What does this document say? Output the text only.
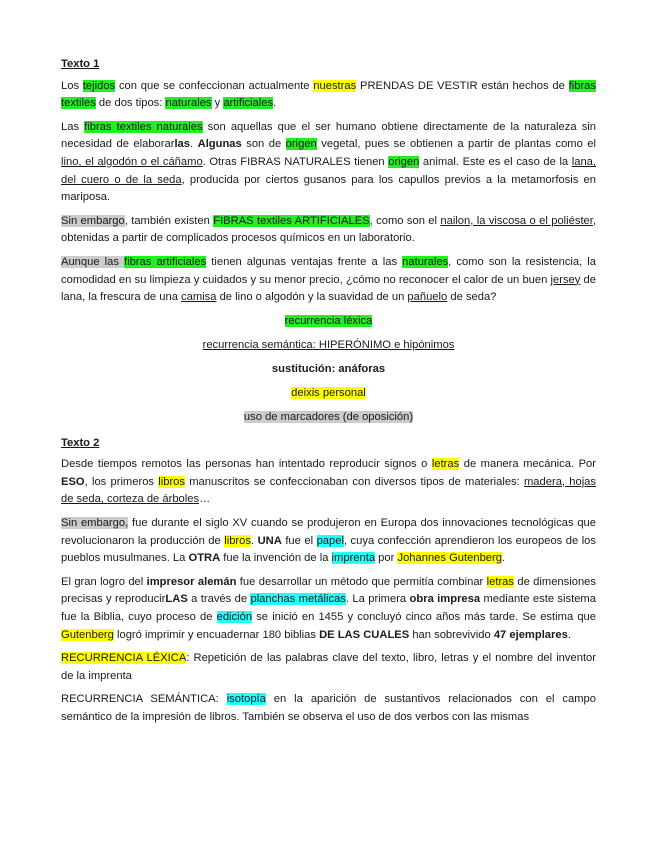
Texto 1

Los tejidos con que se confeccionan actualmente nuestras PRENDAS DE VESTIR están hechos de fibras textiles de dos tipos: naturales y artificiales.

Las fibras textiles naturales son aquellas que el ser humano obtiene directamente de la naturaleza sin necesidad de elaborarlas. Algunas son de origen vegetal, pues se obtienen a partir de plantas como el lino, el algodón o el cáñamo. Otras FIBRAS NATURALES tienen origen animal. Este es el caso de la lana, del cuero o de la seda, producida por ciertos gusanos para los capullos previos a la metamorfosis en mariposa.

Sin embargo, también existen FIBRAS textiles ARTIFICIALES, como son el nailon, la viscosa o el poliéster, obtenidas a partir de complicados procesos químicos en un laboratorio.

Aunque las fibras artificiales tienen algunas ventajas frente a las naturales, como son la resistencia, la comodidad en su limpieza y cuidados y su menor precio, ¿cómo no reconocer el calor de un buen jersey de lana, la frescura de una camisa de lino o algodón y la suavidad de un pañuelo de seda?

recurrencia léxica
recurrencia semántica: HIPERÓNIMO e hipónimos
sustitución: anáforas
deixis personal
uso de marcadores (de oposición)
Texto 2

Desde tiempos remotos las personas han intentado reproducir signos o letras de manera mecánica. Por ESO, los primeros libros manuscritos se confeccionaban con diversos tipos de materiales: madera, hojas de seda, corteza de árboles…

Sin embargo, fue durante el siglo XV cuando se produjeron en Europa dos innovaciones tecnológicas que revolucionaron la producción de libros. UNA fue el papel, cuya confección aprendieron los europeos de los pueblos musulmanes. La OTRA fue la invención de la imprenta por Johannes Gutenberg.

El gran logro del impresor alemán fue desarrollar un método que permitía combinar letras de dimensiones precisas y reproducirLAS a través de planchas metálicas. La primera obra impresa mediante este sistema fue la Biblia, cuyo proceso de edición se inició en 1455 y concluyó cinco años más tarde. Se estima que Gutenberg logró imprimir y encuadernar 180 biblias DE LAS CUALES han sobrevivido 47 ejemplares.

RECURRENCIA LÉXICA: Repetición de las palabras clave del texto, libro, letras y el nombre del inventor de la imprenta

RECURRENCIA SEMÁNTICA: isotopía en la aparición de sustantivos relacionados con el campo semántico de la impresión de libros. También se observa el uso de dos verbos con las mismas
